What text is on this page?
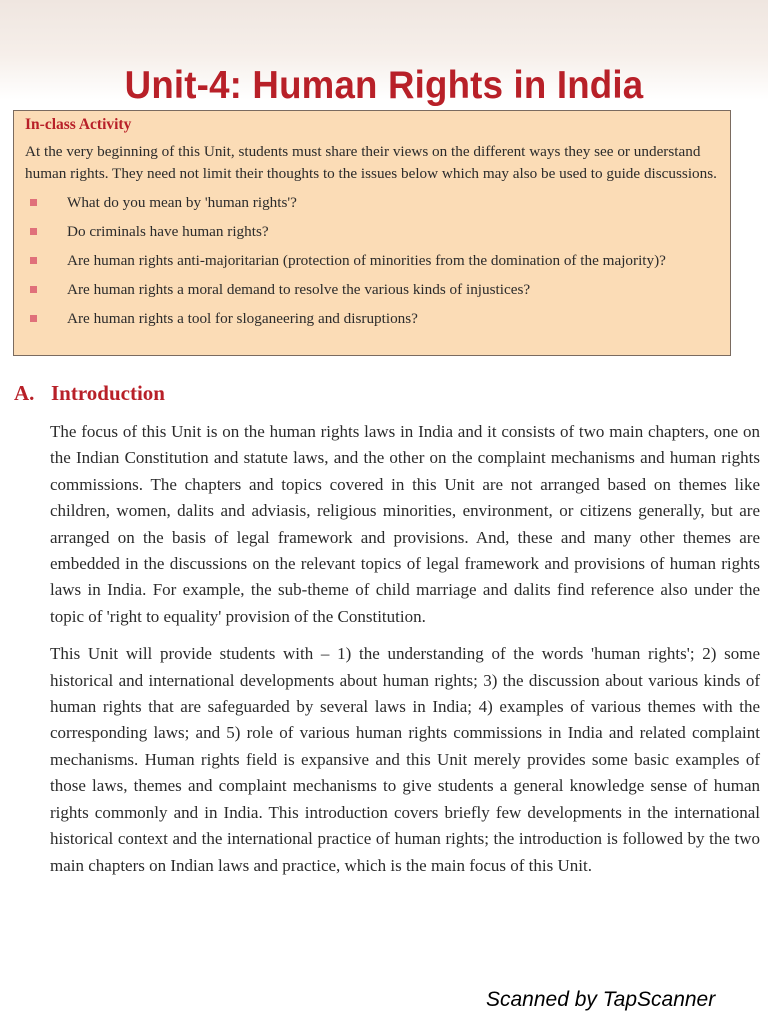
Unit-4: Human Rights in India
In-class Activity

At the very beginning of this Unit, students must share their views on the different ways they see or understand human rights. They need not limit their thoughts to the issues below which may also be used to guide discussions.

What do you mean by 'human rights'?
Do criminals have human rights?
Are human rights anti-majoritarian (protection of minorities from the domination of the majority)?
Are human rights a moral demand to resolve the various kinds of injustices?
Are human rights a tool for sloganeering and disruptions?
A. Introduction

The focus of this Unit is on the human rights laws in India and it consists of two main chapters, one on the Indian Constitution and statute laws, and the other on the complaint mechanisms and human rights commissions. The chapters and topics covered in this Unit are not arranged based on themes like children, women, dalits and adviasis, religious minorities, environment, or citizens generally, but are arranged on the basis of legal framework and provisions. And, these and many other themes are embedded in the discussions on the relevant topics of legal framework and provisions of human rights laws in India. For example, the sub-theme of child marriage and dalits find reference also under the topic of 'right to equality' provision of the Constitution.

This Unit will provide students with – 1) the understanding of the words 'human rights'; 2) some historical and international developments about human rights; 3) the discussion about various kinds of human rights that are safeguarded by several laws in India; 4) examples of various themes with the corresponding laws; and 5) role of various human rights commissions in India and related complaint mechanisms. Human rights field is expansive and this Unit merely provides some basic examples of those laws, themes and complaint mechanisms to give students a general knowledge sense of human rights commonly and in India. This introduction covers briefly few developments in the international historical context and the international practice of human rights; the introduction is followed by the two main chapters on Indian laws and practice, which is the main focus of this Unit.

Scanned by TapScanner
